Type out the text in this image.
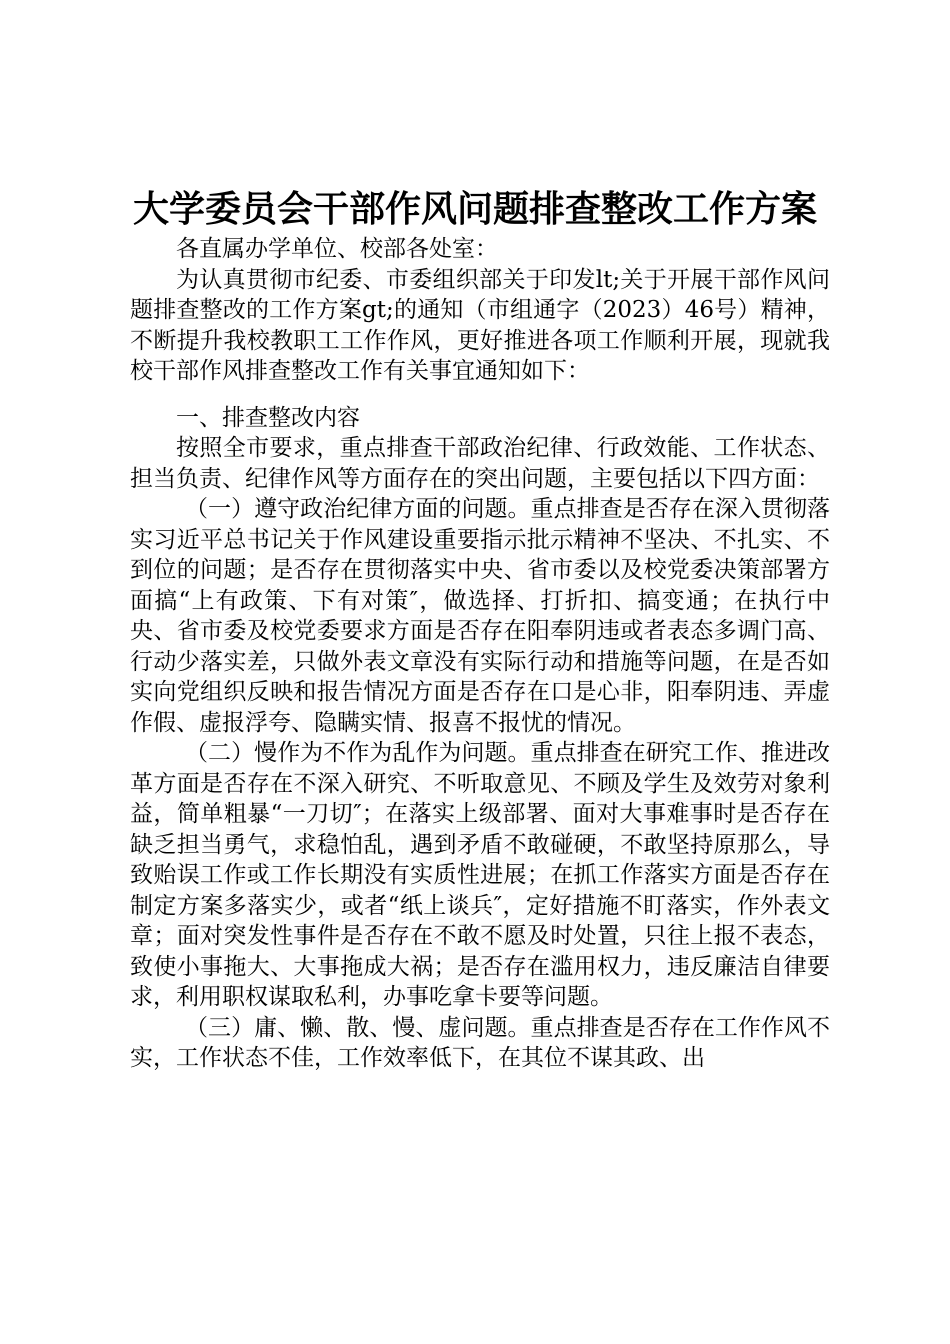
大学委员会干部作风问题排查整改工作方案

各直属办学单位、校部各处室：

为认真贯彻市纪委、市委组织部关于印发lt;关于开展干部作风问题排查整改的工作方案gt;的通知（市组通字（2023）46号）精神，不断提升我校教职工工作作风，更好推进各项工作顺利开展，现就我校干部作风排查整改工作有关事宜通知如下：

一、排查整改内容

按照全市要求，重点排查干部政治纪律、行政效能、工作状态、担当负责、纪律作风等方面存在的突出问题，主要包括以下四方面：

（一）遵守政治纪律方面的问题。重点排查是否存在深入贯彻落实习近平总书记关于作风建设重要指示批示精神不坚决、不扎实、不到位的问题；是否存在贯彻落实中央、省市委以及校党委决策部署方面搞“上有政策、下有对策″，做选择、打折扣、搞变通；在执行中央、省市委及校党委要求方面是否存在阳奉阴违或者表态多调门高、行动少落实差，只做外表文章没有实际行动和措施等问题，在是否如实向党组织反映和报告情况方面是否存在口是心非，阳奉阴违、弄虚作假、虚报浮夸、隐瞒实情、报喜不报忧的情况。

（二）慢作为不作为乱作为问题。重点排查在研究工作、推进改革方面是否存在不深入研究、不听取意见、不顾及学生及效劳对象利益，简单粗暴“一刀切″；在落实上级部署、面对大事难事时是否存在缺乏担当勇气，求稳怕乱，遇到矛盾不敢碰硬，不敢坚持原那么，导致贻误工作或工作长期没有实质性进展；在抓工作落实方面是否存在制定方案多落实少，或者“纸上谈兵″，定好措施不盯落实，作外表文章；面对突发性事件是否存在不敢不愿及时处置，只往上报不表态，致使小事拖大、大事拖成大祸；是否存在滥用权力，违反廉洁自律要求，利用职权谋取私利，办事吃拿卡要等问题。

（三）庸、懒、散、慢、虚问题。重点排查是否存在工作作风不实，工作状态不佳，工作效率低下，在其位不谋其政、出
